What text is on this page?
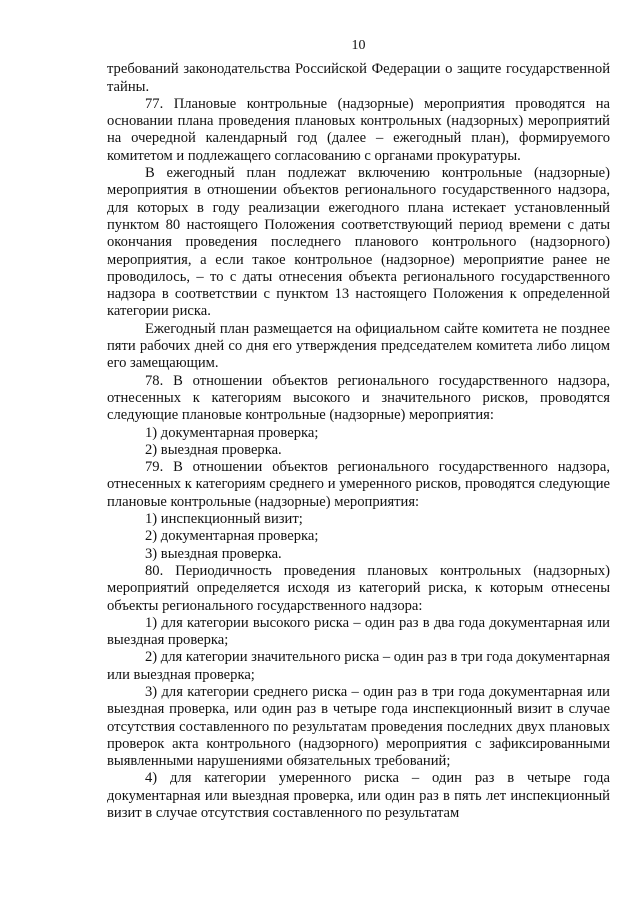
10

требований законодательства Российской Федерации о защите государственной тайны.

77. Плановые контрольные (надзорные) мероприятия проводятся на основании плана проведения плановых контрольных (надзорных) мероприятий на очередной календарный год (далее – ежегодный план), формируемого комитетом и подлежащего согласованию с органами прокуратуры.

В ежегодный план подлежат включению контрольные (надзорные) мероприятия в отношении объектов регионального государственного надзора, для которых в году реализации ежегодного плана истекает установленный пунктом 80 настоящего Положения соответствующий период времени с даты окончания проведения последнего планового контрольного (надзорного) мероприятия, а если такое контрольное (надзорное) мероприятие ранее не проводилось, – то с даты отнесения объекта регионального государственного надзора в соответствии с пунктом 13 настоящего Положения к определенной категории риска.

Ежегодный план размещается на официальном сайте комитета не позднее пяти рабочих дней со дня его утверждения председателем комитета либо лицом его замещающим.

78. В отношении объектов регионального государственного надзора, отнесенных к категориям высокого и значительного рисков, проводятся следующие плановые контрольные (надзорные) мероприятия:

1) документарная проверка;

2) выездная проверка.

79. В отношении объектов регионального государственного надзора, отнесенных к категориям среднего и умеренного рисков, проводятся следующие плановые контрольные (надзорные) мероприятия:

1) инспекционный визит;

2) документарная проверка;

3) выездная проверка.

80. Периодичность проведения плановых контрольных (надзорных) мероприятий определяется исходя из категорий риска, к которым отнесены объекты регионального государственного надзора:

1) для категории высокого риска – один раз в два года документарная или выездная проверка;

2) для категории значительного риска – один раз в три года документарная или выездная проверка;

3) для категории среднего риска – один раз в три года документарная или выездная проверка, или один раз в четыре года инспекционный визит в случае отсутствия составленного по результатам проведения последних двух плановых проверок акта контрольного (надзорного) мероприятия с зафиксированными выявленными нарушениями обязательных требований;

4) для категории умеренного риска – один раз в четыре года документарная или выездная проверка, или один раз в пять лет инспекционный визит в случае отсутствия составленного по результатам
